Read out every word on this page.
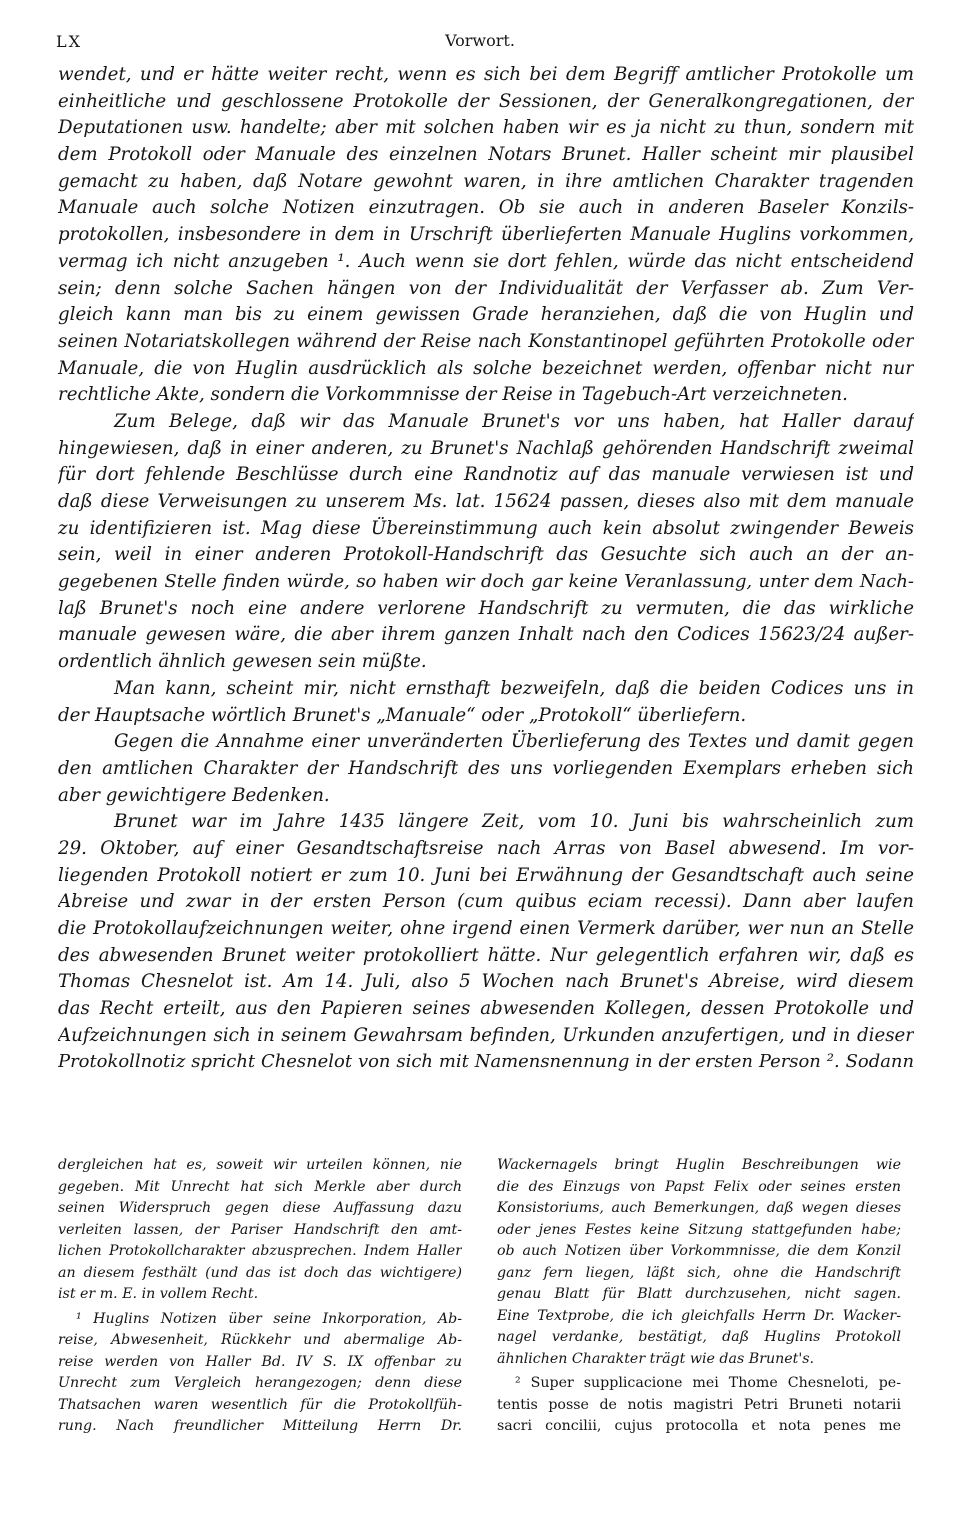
LX	Vorwort.
wendet, und er hätte weiter recht, wenn es sich bei dem Begriff amtlicher Protokolle um
einheitliche und geschlossene Protokolle der Sessionen, der Generalkongregationen, der
Deputationen usw. handelte; aber mit solchen haben wir es ja nicht zu thun, sondern mit
dem Protokoll oder Manuale des einzelnen Notars Brunet. Haller scheint mir plausibel
gemacht zu haben, daß Notare gewohnt waren, in ihre amtlichen Charakter tragenden
Manuale auch solche Notizen einzutragen. Ob sie auch in anderen Baseler Konzils-
protokollen, insbesondere in dem in Urschrift überlieferten Manuale Huglins vorkommen,
vermag ich nicht anzugeben ¹. Auch wenn sie dort fehlen, würde das nicht entscheidend
sein; denn solche Sachen hängen von der Individualität der Verfasser ab. Zum Ver-
gleich kann man bis zu einem gewissen Grade heranziehen, daß die von Huglin und
seinen Notariatskollegen während der Reise nach Konstantinopel geführten Protokolle oder
Manuale, die von Huglin ausdrücklich als solche bezeichnet werden, offenbar nicht nur
rechtliche Akte, sondern die Vorkommnisse der Reise in Tagebuch-Art verzeichneten.
Zum Belege, daß wir das Manuale Brunet's vor uns haben, hat Haller darauf
hingewiesen, daß in einer anderen, zu Brunet's Nachlaß gehörenden Handschrift zweimal
für dort fehlende Beschlüsse durch eine Randnotiz auf das manuale verwiesen ist und
daß diese Verweisungen zu unserem Ms. lat. 15624 passen, dieses also mit dem manuale
zu identifizieren ist. Mag diese Übereinstimmung auch kein absolut zwingender Beweis
sein, weil in einer anderen Protokoll-Handschrift das Gesuchte sich auch an der an-
gegebenen Stelle finden würde, so haben wir doch gar keine Veranlassung, unter dem Nach-
laß Brunet's noch eine andere verlorene Handschrift zu vermuten, die das wirkliche
manuale gewesen wäre, die aber ihrem ganzen Inhalt nach den Codices 15623/24 außer-
ordentlich ähnlich gewesen sein müßte.
Man kann, scheint mir, nicht ernsthaft bezweifeln, daß die beiden Codices uns in
der Hauptsache wörtlich Brunet's „Manuale“ oder „Protokoll“ überliefern.
Gegen die Annahme einer unveränderten Überlieferung des Textes und damit gegen
den amtlichen Charakter der Handschrift des uns vorliegenden Exemplars erheben sich
aber gewichtigere Bedenken.
Brunet war im Jahre 1435 längere Zeit, vom 10. Juni bis wahrscheinlich zum
29. Oktober, auf einer Gesandtschaftsreise nach Arras von Basel abwesend. Im vor-
liegenden Protokoll notiert er zum 10. Juni bei Erwähnung der Gesandtschaft auch seine
Abreise und zwar in der ersten Person (cum quibus eciam recessi). Dann aber laufen
die Protokollaufzeichnungen weiter, ohne irgend einen Vermerk darüber, wer nun an Stelle
des abwesenden Brunet weiter protokolliert hätte. Nur gelegentlich erfahren wir, daß es
Thomas Chesnelot ist. Am 14. Juli, also 5 Wochen nach Brunet's Abreise, wird diesem
das Recht erteilt, aus den Papieren seines abwesenden Kollegen, dessen Protokolle und
Aufzeichnungen sich in seinem Gewahrsam befinden, Urkunden anzufertigen, und in dieser
Protokollnotiz spricht Chesnelot von sich mit Namensnennung in der ersten Person ². Sodann
dergleichen hat es, soweit wir urteilen können, nie
gegeben. Mit Unrecht hat sich Merkle aber durch
seinen Widerspruch gegen diese Auffassung dazu
verleiten lassen, der Pariser Handschrift den amt-
lichen Protokollcharakter abzusprechen. Indem Haller
an diesem festhält (und das ist doch das wichtigere)
ist er m. E. in vollem Recht.
¹ Huglins Notizen über seine Inkorporation, Ab-
reise, Abwesenheit, Rückkehr und abermalige Ab-
reise werden von Haller Bd. IV S. IX offenbar zu
Unrecht zum Vergleich herangezogen; denn diese
Thatsachen waren wesentlich für die Protokollfüh-
rung. Nach freundlicher Mitteilung Herrn Dr.
Wackernagels bringt Huglin Beschreibungen wie
die des Einzugs von Papst Felix oder seines ersten
Konsistoriums, auch Bemerkungen, daß wegen dieses
oder jenes Festes keine Sitzung stattgefunden habe;
ob auch Notizen über Vorkommnisse, die dem Konzil
ganz fern liegen, läßt sich, ohne die Handschrift
genau Blatt für Blatt durchzusehen, nicht sagen.
Eine Textprobe, die ich gleichfalls Herrn Dr. Wacker-
nagel verdanke, bestätigt, daß Huglins Protokoll
ähnlichen Charakter trägt wie das Brunet's.
² Super supplicacione mei Thome Chesneloti, pe-
tentis posse de notis magistri Petri Bruneti notarii
sacri concilii, cujus protocolla et nota penes me
